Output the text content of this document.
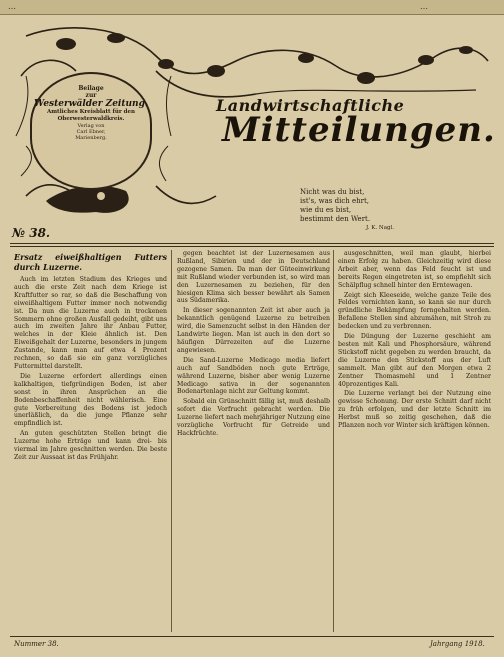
…	…
Beilage
zur
Westerwälder Zeitung.
Amtliches Kreisblatt für den
Oberwesterwaldkreis.
Verlag von
Carl Ebner,
Marienberg.
Landwirtschaftliche
Mitteilungen.
Nicht was du bist,
ist's, was dich ehrt,
wie du es bist,
bestimmt den Wert.
J. K. Nagl.
№ 38.
Ersatz eiweißhaltigen Futters durch Luzerne.

Auch im letzten Stadium des Krieges und auch die erste Zeit nach dem Kriege ist Kraftfutter so rar, so daß die Beschaffung von eiweißhaltigem Futter immer noch notwendig ist. Da nun die Luzerne auch in trockenen Sommern ohne großen Ausfall gedeiht, gibt uns auch im zweiten Jahre ihr Anbau Futter, welches in der Kleie ähnlich ist. Den Eiweißgehalt der Luzerne, besonders in jungem Zustande, kann man auf etwa 4 Prozent rechnen, so daß sie ein ganz vorzügliches Futtermittel darstellt.

Die Luzerne erfordert allerdings einen kalkhaltigen, tiefgründigen Boden, ist aber sonst in ihren Ansprüchen an die Bodenbeschaffenheit nicht wählerisch. Eine gute Vorbereitung des Bodens ist jedoch unerläßlich, da die junge Pflanze sehr empfindlich ist.

An guten geschützten Stellen bringt die Luzerne hohe Erträge und kann drei- bis viermal im Jahre geschnitten werden. Die beste Zeit zur Aussaat ist das Frühjahr.

gegen beachtet ist der Luzernesamen aus Rußland, Sibirien und der in Deutschland gezogene Samen. Da man der Güteeinwirkung mit Rußland wieder verbunden ist, so wird man den Luzernesamen zu beziehen, für den hiesigen Klima sich besser bewährt als Samen aus Südamerika.

In dieser sogenannten Zeit ist aber auch ja bekanntlich genügend Luzerne zu betreiben wird, die Samenzucht selbst in den Händen der Landwirte liegen. Man ist auch in den dort so häufigen Dürrezeiten auf die Luzerne angewiesen.

Die Sand-Luzerne Medicago media liefert auch auf Sandböden noch gute Erträge, während Luzerne, bisher aber wenig Luzerne Medicago sativa in der sogenannten Bodenartenlage nicht zur Geltung kommt.

Sobald ein Grünschnitt fällig ist, muß deshalb sofort die Vorfrucht gebracht werden. Die Luzerne liefert nach mehrjähriger Nutzung eine vorzügliche Vorfrucht für Getreide und Hackfrüchte.

ausgeschnitten, weil man glaubt, hierbei einen Erfolg zu haben. Gleichzeitig wird diese Arbeit aber, wenn das Feld feucht ist und bereits Regen eingetreten ist, so empfiehlt sich Schälpflug schnell hinter den Erntewagen.

Zeigt sich Kleeseide, welche ganze Teile des Feldes vernichten kann, so kann sie nur durch gründliche Bekämpfung ferngehalten werden. Befallene Stellen sind abzumähen, mit Stroh zu bedecken und zu verbrennen.

Die Düngung der Luzerne geschieht am besten mit Kali und Phosphorsäure, während Stickstoff nicht gegeben zu werden braucht, da die Luzerne den Stickstoff aus der Luft sammelt. Man gibt auf den Morgen etwa 2 Zentner Thomasmehl und 1 Zentner 40prozentiges Kali.

Die Luzerne verlangt bei der Nutzung eine gewisse Schonung. Der erste Schnitt darf nicht zu früh erfolgen, und der letzte Schnitt im Herbst muß so zeitig geschehen, daß die Pflanzen noch vor Winter sich kräftigen können.

Nummer 38.	Jahrgang 1918.
